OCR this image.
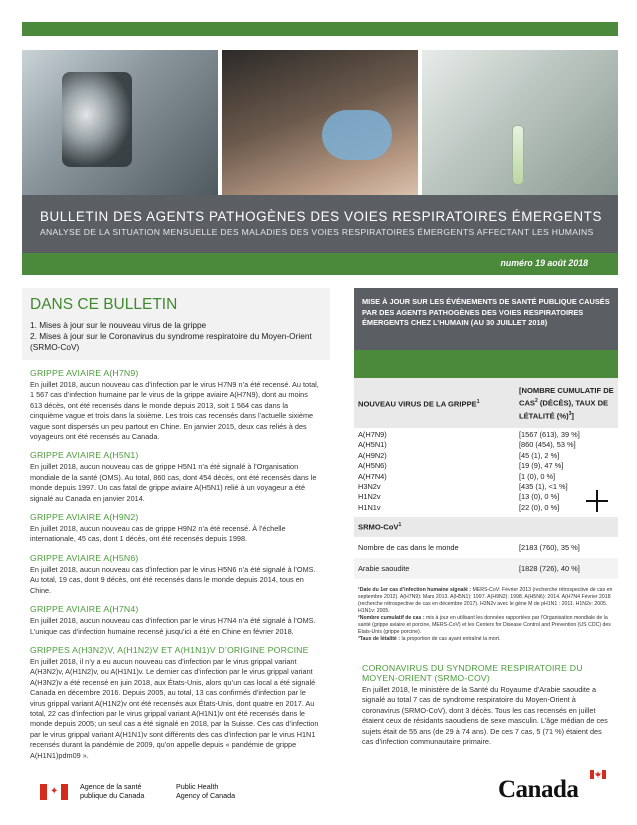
BULLETIN DES AGENTS PATHOGÈNES DES VOIES RESPIRATOIRES ÉMERGENTS
ANALYSE DE LA SITUATION MENSUELLE DES MALADIES DES VOIES RESPIRATOIRES ÉMERGENTS AFFECTANT LES HUMAINS
numéro 19 août 2018
DANS CE BULLETIN

1. Mises à jour sur le nouveau virus de la grippe

2. Mises à jour sur le Coronavirus du syndrome respiratoire du Moyen-Orient (SRMO-CoV)

GRIPPE AVIAIRE A(H7N9)
En juillet 2018, aucun nouveau cas d’infection par le virus H7N9 n’a été recensé. Au total, 1 567 cas d’infection humaine par le virus de la grippe aviaire A(H7N9), dont au moins 613 décès, ont été recensés dans le monde depuis 2013, soit 1 564 cas dans la cinquième vague et trois dans la sixième. Les trois cas recensés dans l’actuelle sixième vague sont dispersés un peu partout en Chine. En janvier 2015, deux cas reliés à des voyageurs ont été recensés au Canada.
GRIPPE AVIAIRE A(H5N1)
En juillet 2018, aucun nouveau cas de grippe H5N1 n’a été signalé à l’Organisation mondiale de la santé (OMS). Au total, 860 cas, dont 454 décès, ont été recensés dans le monde depuis 1997. Un cas fatal de grippe aviaire A(H5N1) relié à un voyageur a été signalé au Canada en janvier 2014.
GRIPPE AVIAIRE A(H9N2)
En juillet 2018, aucun nouveau cas de grippe H9N2 n’a été recensé. À l’échelle internationale, 45 cas, dont 1 décès, ont été recensés depuis 1998.
GRIPPE AVIAIRE A(H5N6)
En juillet 2018, aucun nouveau cas d’infection par le virus H5N6 n’a été signalé à l’OMS. Au total, 19 cas, dont 9 décès, ont été recensés dans le monde depuis 2014, tous en Chine.
GRIPPE AVIAIRE A(H7N4)
En juillet 2018, aucun nouveau cas d’infection par le virus H7N4 n’a été signalé à l’OMS. L’unique cas d’infection humaine recensé jusqu’ici a été en Chine en février 2018.
GRIPPES A(H3N2)V, A(H1N2)V ET A(H1N1)V D’ORIGINE PORCINE
En juillet 2018, il n’y a eu aucun nouveau cas d’infection par le virus grippal variant A(H3N2)v, A(H1N2)v, ou A(H1N1)v. Le dernier cas d’infection par le virus grippal variant A(H3N2)v a été recensé en juin 2018, aux États-Unis, alors qu’un cas local a été signalé Canada en décembre 2016. Depuis 2005, au total, 13 cas confirmés d’infection par le virus grippal variant A(H1N2)v ont été recensés aux États-Unis, dont quatre en 2017. Au total, 22 cas d’infection par le virus grippal variant A(H1N1)v ont été recensés dans le monde depuis 2005; un seul cas a été signalé en 2018, par la Suisse. Ces cas d’infection par le virus grippal variant A(H1N1)v sont différents des cas d’infection par le virus H1N1 recensés durant la pandémie de 2009, qu’on appelle depuis « pandémie de grippe A(H1N1)pdm09 ».
MISE À JOUR SUR LES ÉVÉNEMENTS DE SANTÉ PUBLIQUE CAUSÉS PAR DES AGENTS PATHOGÈNES DES VOIES RESPIRATOIRES ÉMERGENTS CHEZ L’HUMAIN (AU 30 JUILLET 2018)
NOUVEAU VIRUS DE LA GRIPPE$^1$
[NOMBRE CUMULATIF DE CAS$^2$ (DÉCÈS), TAUX DE LÉTALITÉ (%)$^3$]
A(H7N9)	[1567 (613), 39 %]
A(H5N1)	[860 (454), 53 %]
A(H9N2)	[45 (1), 2 %]
A(H5N6)	[19 (9), 47 %]
A(H7N4)	[1 (0), 0 %]
H3N2v	[435 (1), <1 %]
H1N2v	[13 (0), 0 %]
H1N1v	[22 (0), 0 %]
SRMO-CoV$^1$
Nombre de cas dans le monde	[2183 (760), 35 %]
Arabie saoudite	[1828 (726), 40 %]

¹Date du 1er cas d’infection humaine signalé : MERS-CoV: Février 2013 (recherche rétrospective de cas en septembre 2012). A(H7N9): Mars 2013. A(H5N1): 1997. A(H9N2): 1998. A(H5N6): 2014. A(H7N4 Février 2018 (recherche rétrospective de cas en décembre 2017). H3N2v avec le gène M de pH1N1 : 2011. H1N2v: 2005. H1N1v: 2005.

²Nombre cumulatif de cas : mis à jour en utilisant les données rapportées par l’Organisation mondiale de la santé (grippe aviaire et porcine, MERS-CoV) et les Centers for Disease Control and Prevention (US CDC) des États-Unis (grippe porcine).

³Taux de létalité : la proportion de cas ayant entraîné la mort.

CORONAVIRUS DU SYNDROME RESPIRATOIRE DU MOYEN-ORIENT (SRMO-COV)
En juillet 2018, le ministère de la Santé du Royaume d’Arabie saoudite a signalé au total 7 cas de syndrome respiratoire du Moyen-Orient à coronavirus (SRMO-CoV), dont 3 décès. Tous les cas recensés en juillet étaient ceux de résidants saoudiens de sexe masculin. L’âge médian de ces sujets était de 55 ans (de 29 à 74 ans). De ces 7 cas, 5 (71 %) étaient des cas d’infection communautaire primaire.
✦	Agence de la santé
publique du Canada
Public Health
Agency of Canada	Canada
